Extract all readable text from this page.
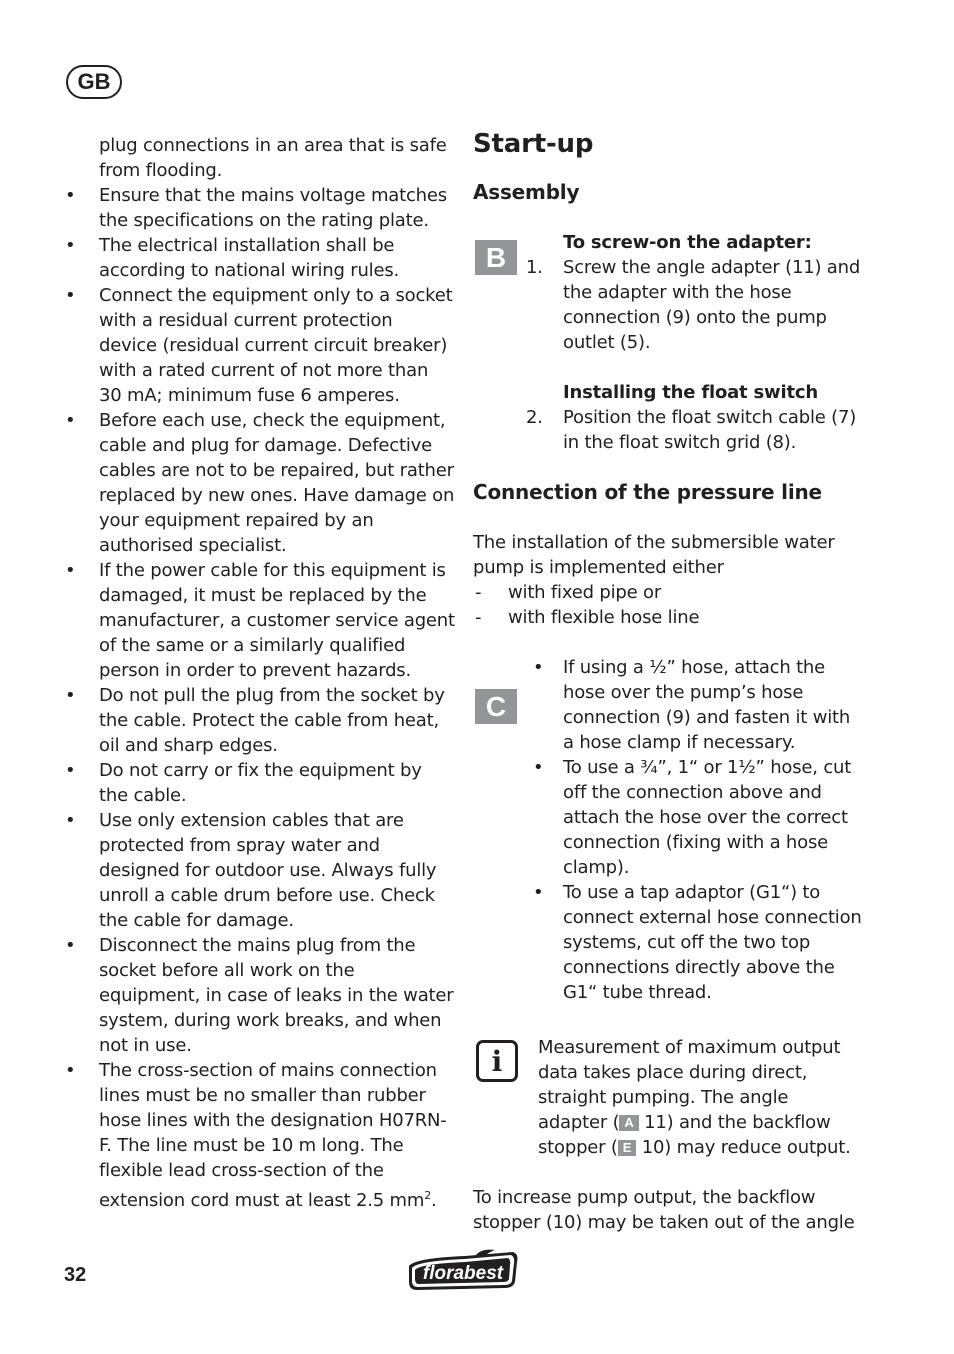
GB
plug connections in an area that is safe from flooding.
• Ensure that the mains voltage matches the specifications on the rating plate.
• The electrical installation shall be according to national wiring rules.
• Connect the equipment only to a socket with a residual current protection device (residual current circuit breaker) with a rated current of not more than 30 mA; minimum fuse 6 amperes.
• Before each use, check the equipment, cable and plug for damage. Defective cables are not to be repaired, but rather replaced by new ones. Have damage on your equipment repaired by an authorised specialist.
• If the power cable for this equipment is damaged, it must be replaced by the manufacturer, a customer service agent of the same or a similarly qualified person in order to prevent hazards.
• Do not pull the plug from the socket by the cable. Protect the cable from heat, oil and sharp edges.
• Do not carry or fix the equipment by the cable.
• Use only extension cables that are protected from spray water and designed for outdoor use. Always fully unroll a cable drum before use. Check the cable for damage.
• Disconnect the mains plug from the socket before all work on the equipment, in case of leaks in the water system, during work breaks, and when not in use.
• The cross-section of mains connection lines must be no smaller than rubber hose lines with the designation H07RN-F. The line must be 10 m long. The flexible lead cross-section of the extension cord must at least 2.5 $mm^2$.
Start-up
Assembly
To screw-on the adapter:
1. Screw the angle adapter (11) and the adapter with the hose connection (9) onto the pump outlet (5).
Installing the float switch
2. Position the float switch cable (7) in the float switch grid (8).
Connection of the pressure line
The installation of the submersible water pump is implemented either
- with fixed pipe or
- with flexible hose line
• If using a ½” hose, attach the hose over the pump’s hose connection (9) and fasten it with a hose clamp if necessary.
• To use a ¾”, 1“ or 1½” hose, cut off the connection above and attach the hose over the correct connection (fixing with a hose clamp).
• To use a tap adaptor (G1“) to connect external hose connection systems, cut off the two top connections directly above the G1“ tube thread.
B
C
i	Measurement of maximum output data takes place during direct, straight pumping. The angle adapter ( A 11) and the backflow stopper ( E 10) may reduce output.
To increase pump output, the backflow stopper (10) may be taken out of the angle
32	florabest
